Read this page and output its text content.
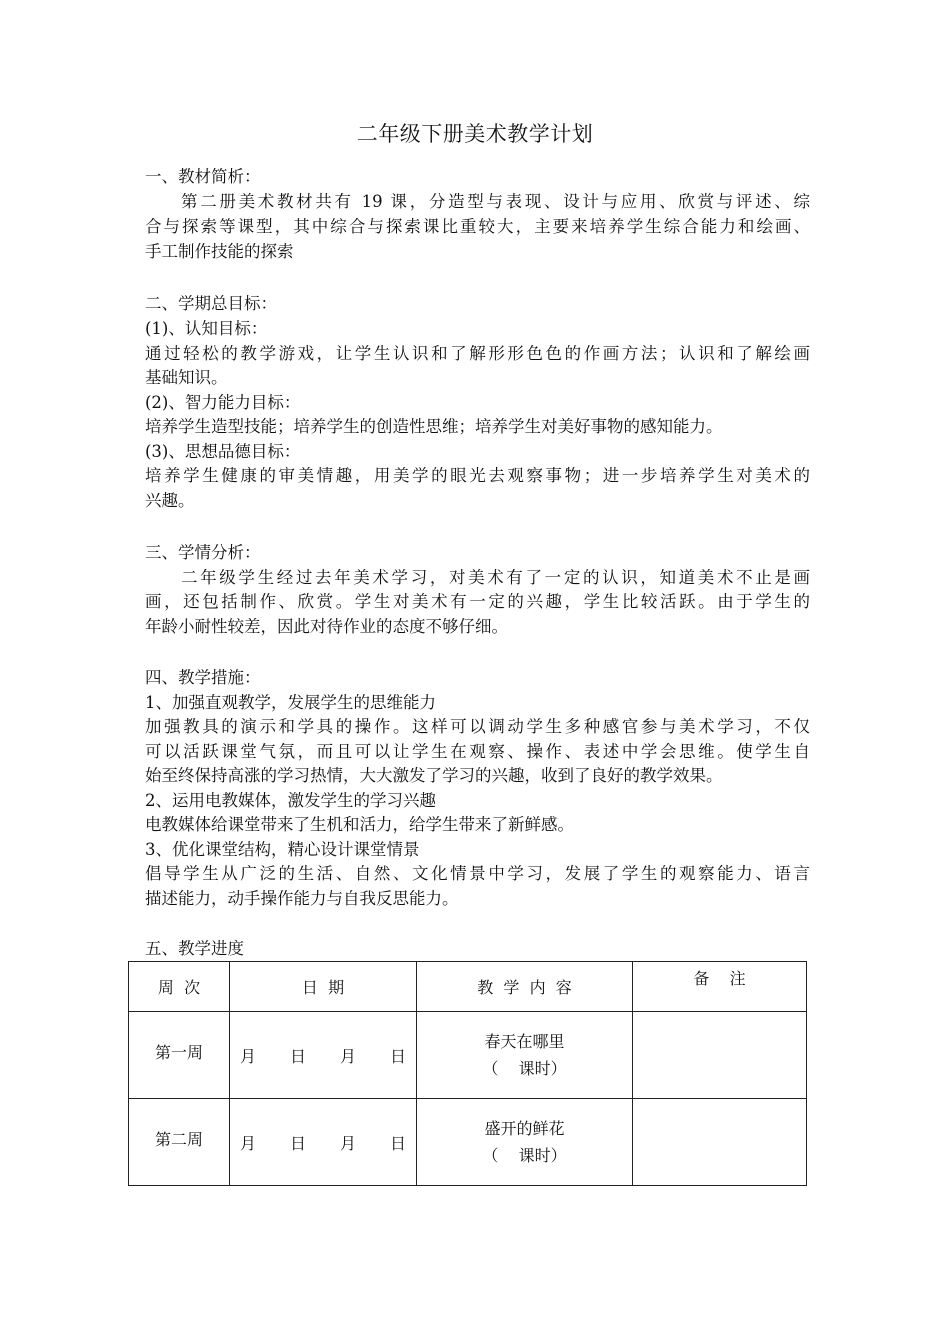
二年级下册美术教学计划
一、教材简析：
第二册美术教材共有 19 课，分造型与表现、设计与应用、欣赏与评述、综
合与探索等课型，其中综合与探索课比重较大，主要来培养学生综合能力和绘画、
手工制作技能的探索
二、学期总目标：
(1)、认知目标：
通过轻松的教学游戏，让学生认识和了解形形色色的作画方法；认识和了解绘画
基础知识。
(2)、智力能力目标：
培养学生造型技能；培养学生的创造性思维；培养学生对美好事物的感知能力。
(3)、思想品德目标：
培养学生健康的审美情趣，用美学的眼光去观察事物；进一步培养学生对美术的
兴趣。
三、学情分析：
二年级学生经过去年美术学习，对美术有了一定的认识，知道美术不止是画
画，还包括制作、欣赏。学生对美术有一定的兴趣，学生比较活跃。由于学生的
年龄小耐性较差，因此对待作业的态度不够仔细。
四、教学措施：
1、加强直观教学，发展学生的思维能力
加强教具的演示和学具的操作。这样可以调动学生多种感官参与美术学习，不仅
可以活跃课堂气氛，而且可以让学生在观察、操作、表述中学会思维。使学生自
始至终保持高涨的学习热情，大大激发了学习的兴趣，收到了良好的教学效果。
2、运用电教媒体，激发学生的学习兴趣
电教媒体给课堂带来了生机和活力，给学生带来了新鲜感。
3、优化课堂结构，精心设计课堂情景
倡导学生从广泛的生活、自然、文化情景中学习，发展了学生的观察能力、语言
描述能力，动手操作能力与自我反思能力。
五、教学进度
周  次	日  期	教  学  内  容	备    注
第一周	月 日 月 日	春天在哪里
（    课时）	

第二周	月 日 月 日	盛开的鲜花
（    课时）	
